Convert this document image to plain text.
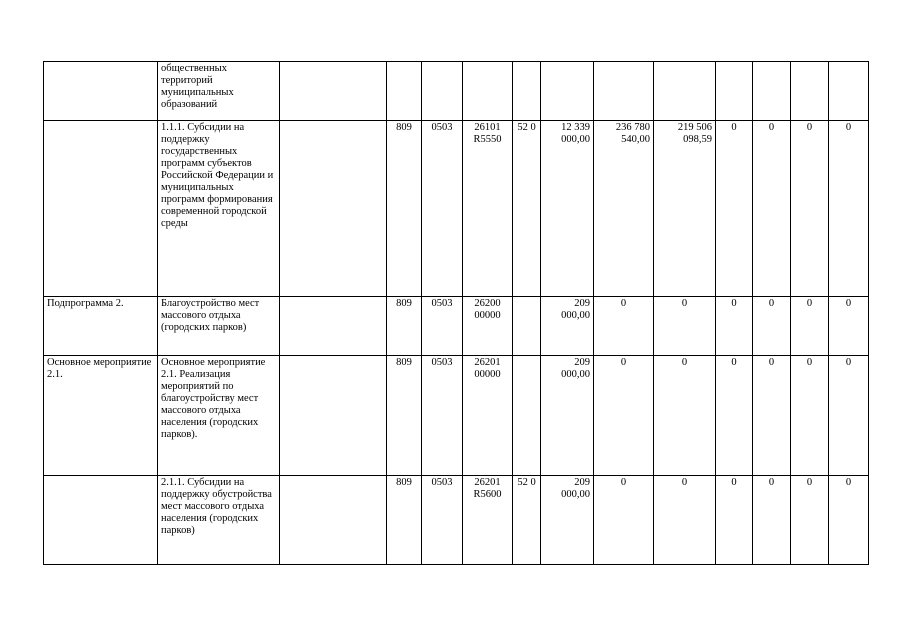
	общественных территорий муниципальных образований												
	1.1.1. Субсидии на поддержку государственных программ субъектов Российской Федерации и муниципальных программ формирования современной городской среды		809	0503	26101 R5550	52 0	12 339 000,00	236 780 540,00	219 506 098,59	0	0	0	0
Подпрограмма 2.	Благоустройство мест массового отдыха (городских парков)		809	0503	26200 00000		209 000,00	0	0	0	0	0	0
Основное мероприятие 2.1.	Основное мероприятие 2.1. Реализация мероприятий по благоустройству мест массового отдыха населения (городских парков).		809	0503	26201 00000		209 000,00	0	0	0	0	0	0
	2.1.1. Субсидии на поддержку обустройства мест массового отдыха населения (городских парков)		809	0503	26201 R5600	52 0	209 000,00	0	0	0	0	0	0
